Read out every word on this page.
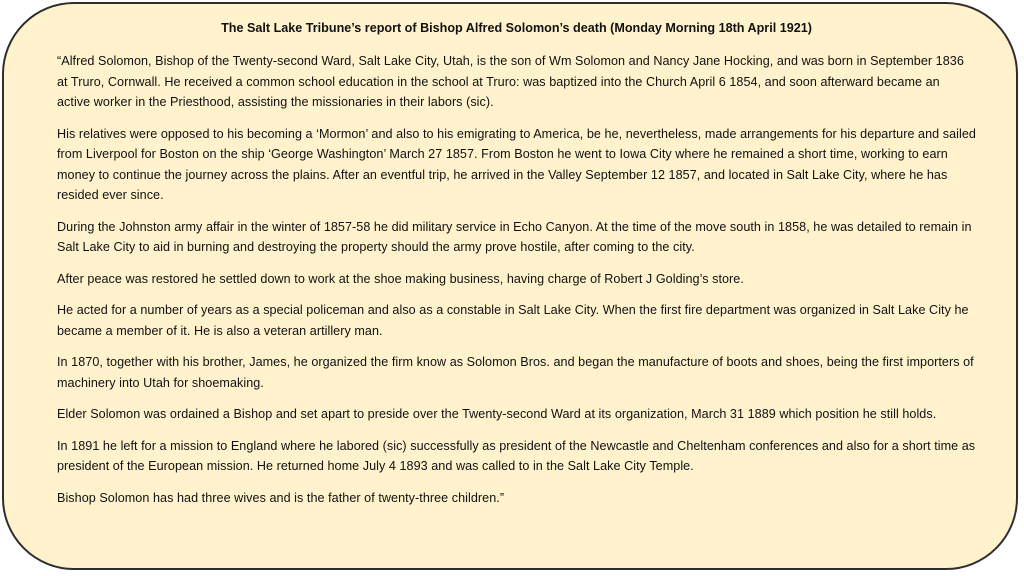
The Salt Lake Tribune’s report of Bishop Alfred Solomon’s death (Monday Morning 18th April 1921)

“Alfred Solomon, Bishop of the Twenty-second Ward, Salt Lake City, Utah, is the son of Wm Solomon and Nancy Jane Hocking, and was born in September 1836 at Truro, Cornwall. He received a common school education in the school at Truro: was baptized into the Church April 6 1854, and soon afterward became an active worker in the Priesthood, assisting the missionaries in their labors (sic).

His relatives were opposed to his becoming a ‘Mormon’ and also to his emigrating to America, be he, nevertheless, made arrangements for his departure and sailed from Liverpool for Boston on the ship ‘George Washington’ March 27 1857. From Boston he went to Iowa City where he remained a short time, working to earn money to continue the journey across the plains. After an eventful trip, he arrived in the Valley September 12 1857, and located in Salt Lake City, where he has resided ever since.

During the Johnston army affair in the winter of 1857-58 he did military service in Echo Canyon. At the time of the move south in 1858, he was detailed to remain in Salt Lake City to aid in burning and destroying the property should the army prove hostile, after coming to the city.

After peace was restored he settled down to work at the shoe making business, having charge of Robert J Golding’s store.

He acted for a number of years as a special policeman and also as a constable in Salt Lake City. When the first fire department was organized in Salt Lake City he became a member of it. He is also a veteran artillery man.

In 1870, together with his brother, James, he organized the firm know as Solomon Bros. and began the manufacture of boots and shoes, being the first importers of machinery into Utah for shoemaking.

Elder Solomon was ordained a Bishop and set apart to preside over the Twenty-second Ward at its organization, March 31 1889 which position he still holds.

In 1891 he left for a mission to England where he labored (sic) successfully as president of the Newcastle and Cheltenham conferences and also for a short time as president of the European mission. He returned home July 4 1893 and was called to in the Salt Lake City Temple.

Bishop Solomon has had three wives and is the father of twenty-three children.”
